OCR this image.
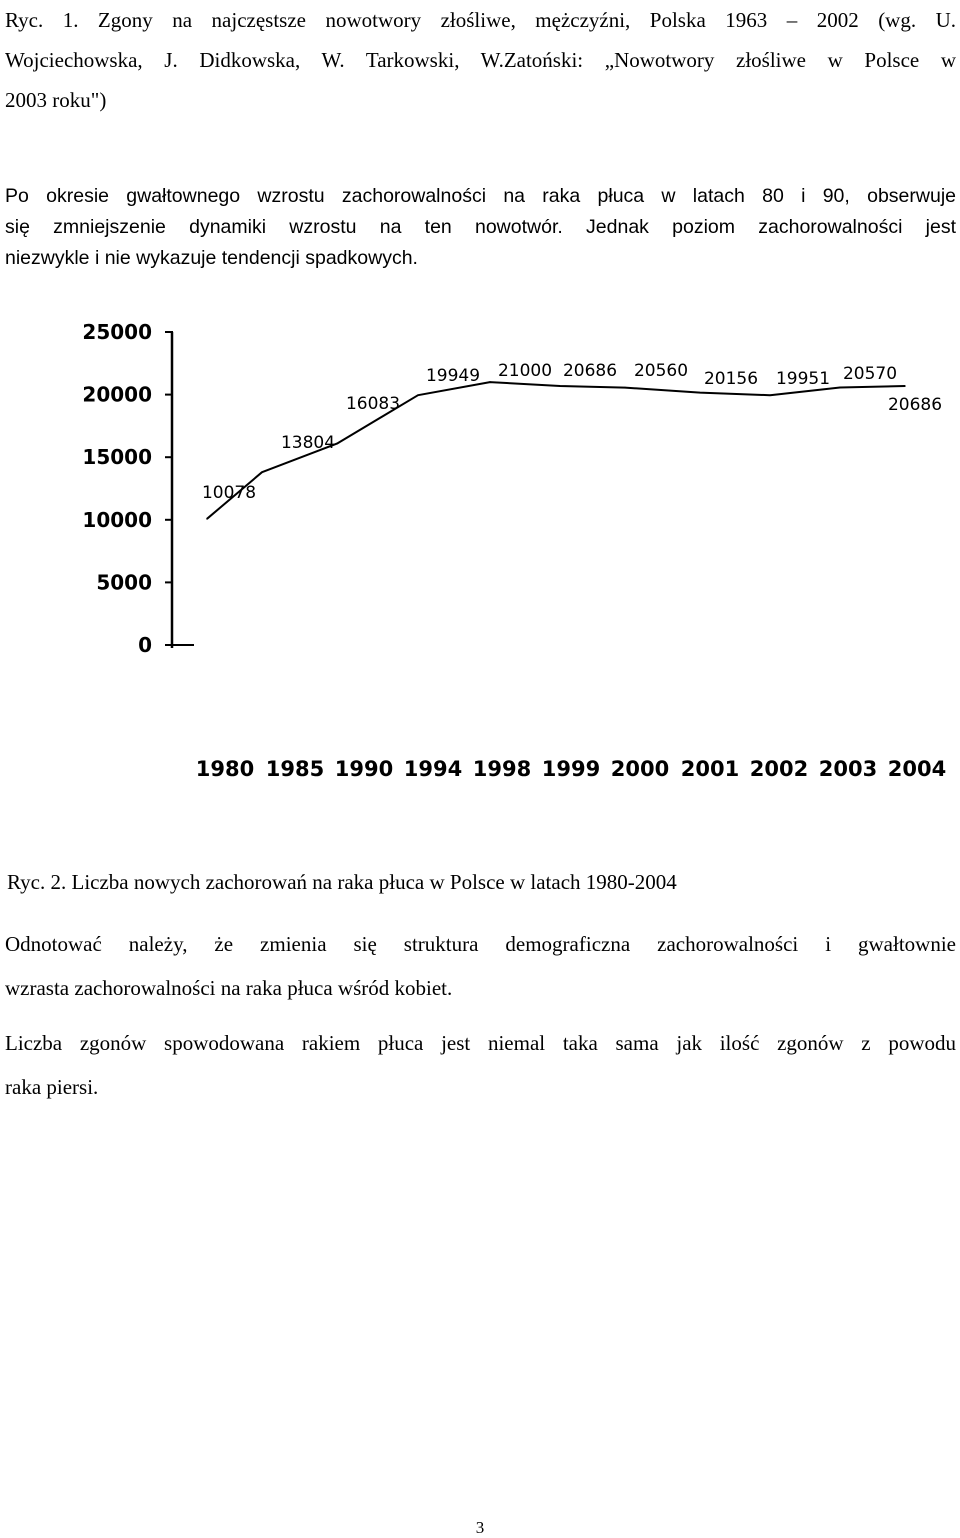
Ryc. 1. Zgony na najczęstsze nowotwory złośliwe, mężczyźni, Polska 1963 – 2002 (wg. U.
Wojciechowska, J. Didkowska, W. Tarkowski, W.Zatoński: „Nowotwory złośliwe w Polsce w
2003 roku")
Po okresie gwałtownego wzrostu zachorowalności na raka płuca w latach 80 i 90, obserwuje
się zmniejszenie dynamiki wzrostu na ten nowotwór. Jednak poziom zachorowalności jest
niezwykle i nie wykazuje tendencji spadkowych.
0
5000
10000
15000
20000
25000
10078
13804
16083
19949 21000 20686 20560 20156 19951 20570
20686
1980 1985 1990 1994 1998 1999 2000 2001 2002 2003 2004
Ryc. 2. Liczba nowych zachorowań na raka płuca w Polsce w latach 1980-2004
Odnotować należy, że zmienia się struktura demograficzna zachorowalności i gwałtownie
wzrasta zachorowalności na raka płuca wśród kobiet.
Liczba zgonów spowodowana rakiem płuca jest niemal taka sama jak ilość zgonów z powodu
raka piersi.
3
